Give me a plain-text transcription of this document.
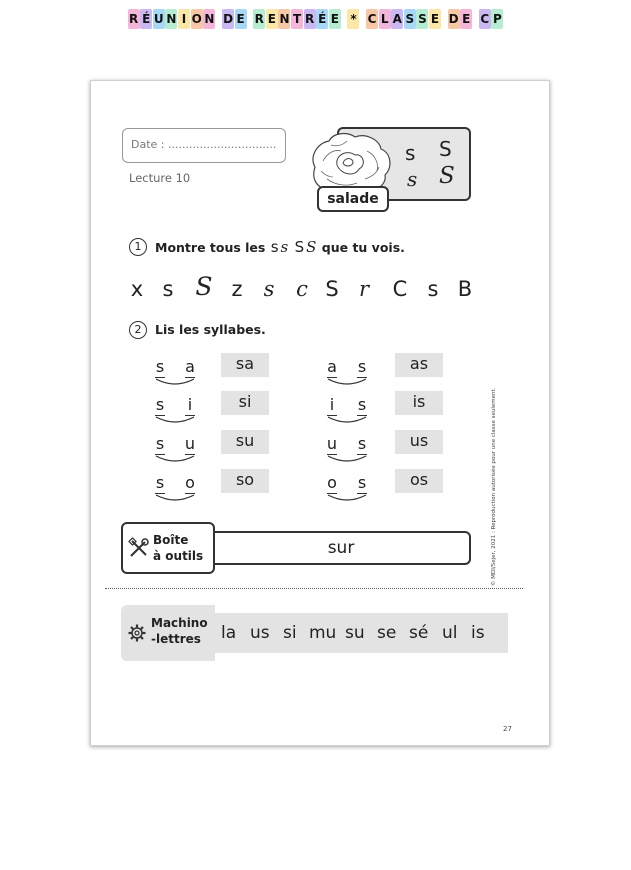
R É U N I O N D E R E N T R É E * C L A S S E D E C P
Date : ...............................
Lecture 10
s S
s S
salade
1	Montre tous les s s S S que tu vois.
x s S z s c S r C s B
2	Lis les syllabes.
s a	sa
s i	si
s u	su
s o	so
a s	as
i s	is
u s	us
o s	os	© MDI/Sejer, 2021 : Reproduction autorisée pour une classe seulement.
Boîte
à outils	sur
Machino
-lettres	la us si mu su se sé ul is
27
